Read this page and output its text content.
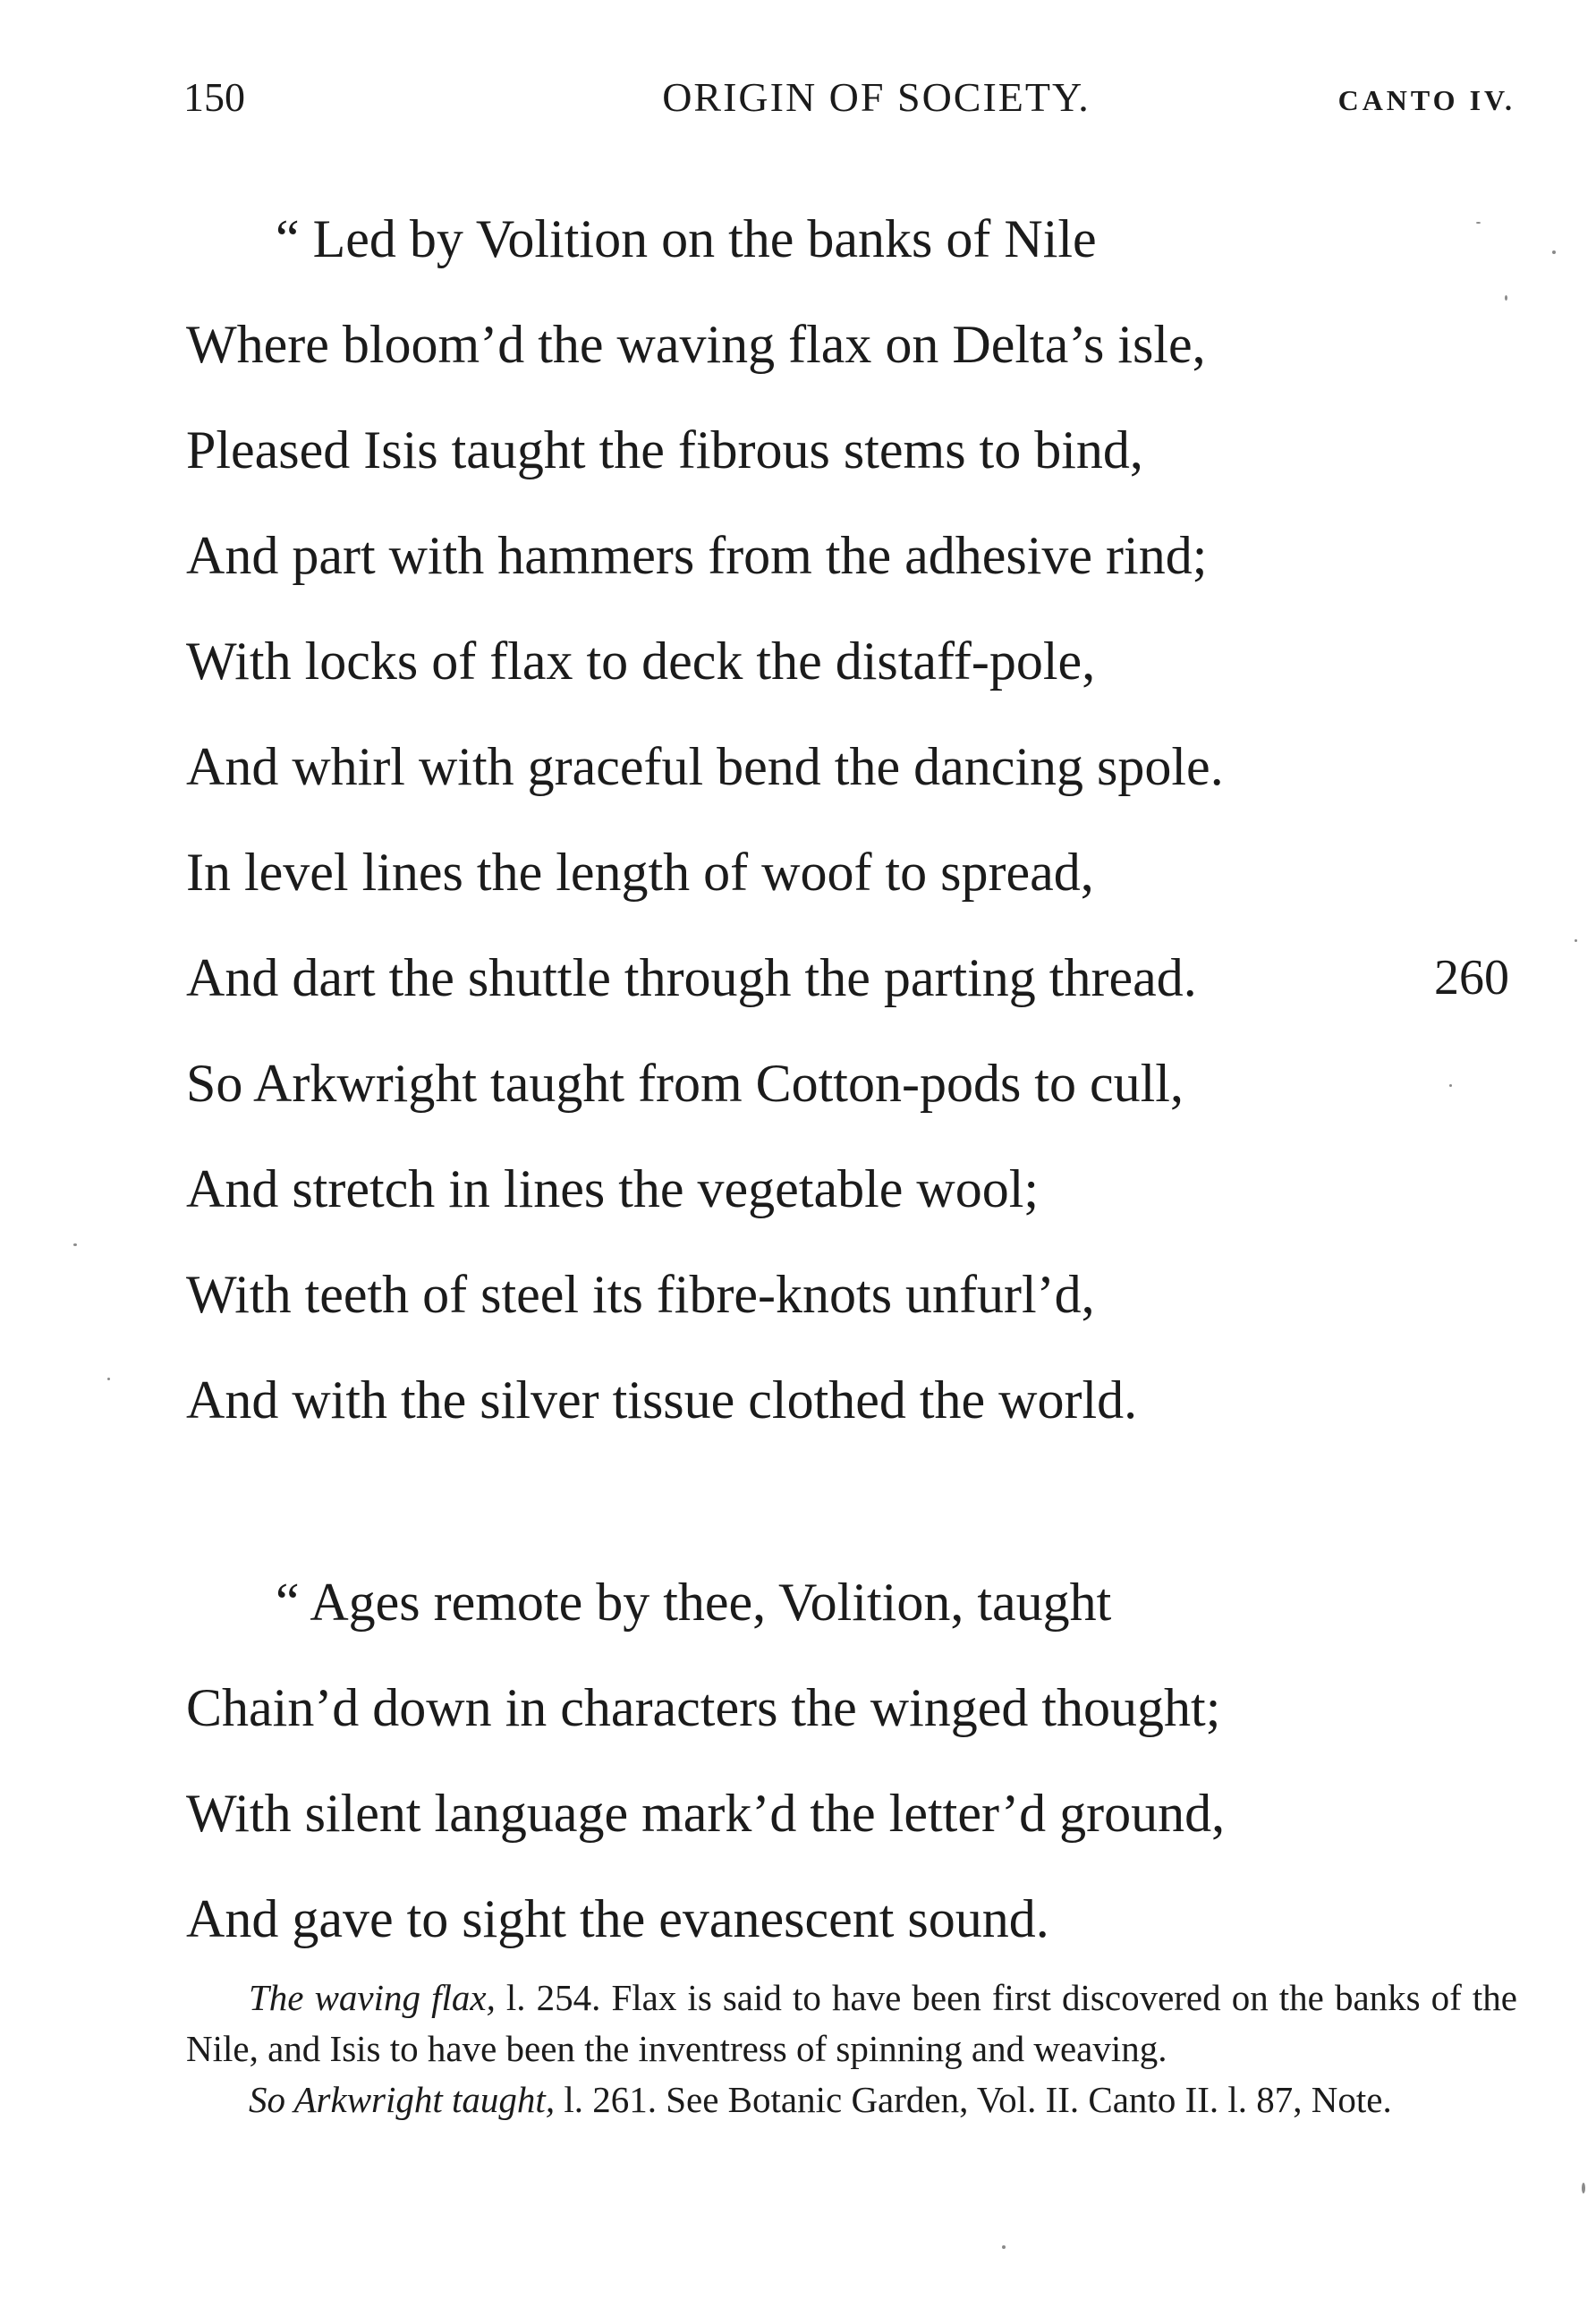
150	ORIGIN OF SOCIETY.	CANTO IV.
“ Led by Volition on the banks of Nile
Where bloom’d the waving flax on Delta’s isle,
Pleased Isis taught the fibrous stems to bind,
And part with hammers from the adhesive rind;
With locks of flax to deck the distaff-pole,
And whirl with graceful bend the dancing spole.
In level lines the length of woof to spread,
And dart the shuttle through the parting thread.	260
So Arkwright taught from Cotton-pods to cull,
And stretch in lines the vegetable wool;
With teeth of steel its fibre-knots unfurl’d,
And with the silver tissue clothed the world.
“ Ages remote by thee, Volition, taught
Chain’d down in characters the winged thought;
With silent language mark’d the letter’d ground,
And gave to sight the evanescent sound.

The waving flax, l. 254. Flax is said to have been first discovered on the banks of the Nile, and Isis to have been the inventress of spinning and weaving.

So Arkwright taught, l. 261. See Botanic Garden, Vol. II. Canto II. l. 87, Note.
